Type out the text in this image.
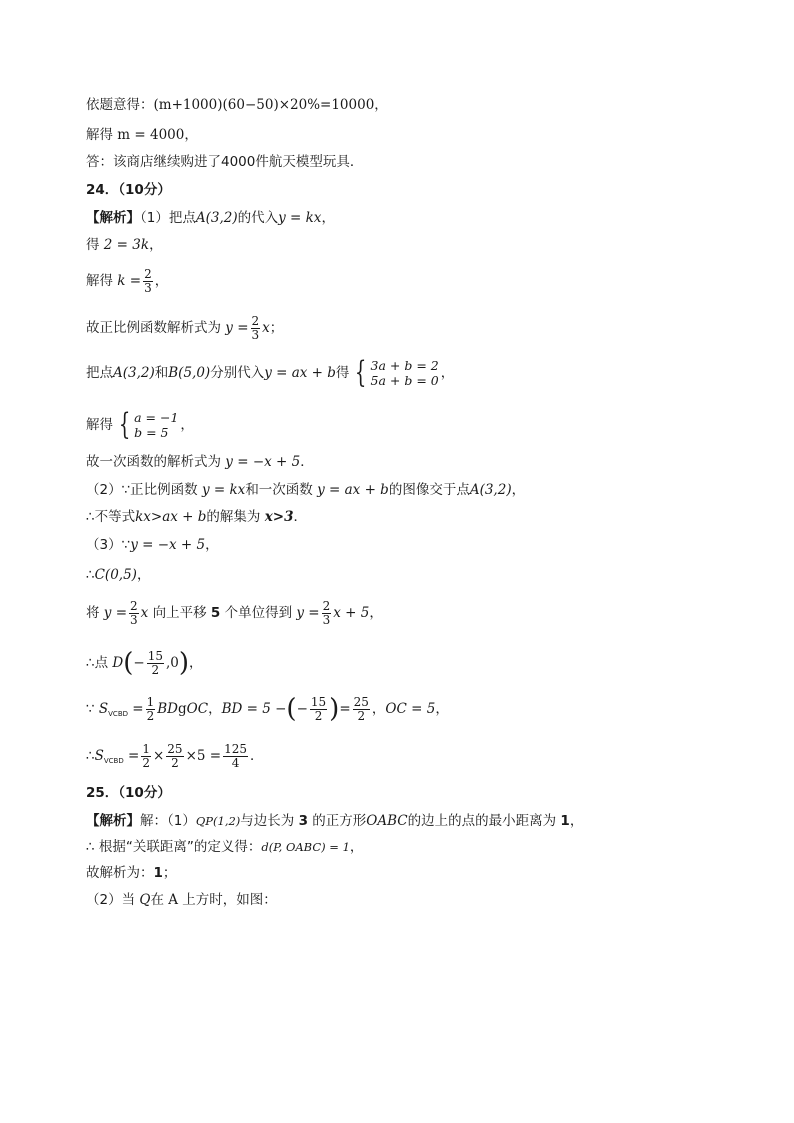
依题意得：(m+1000)(60−50)×20%=10000，
解得 m = 4000，
答：该商店继续购进了4000件航天模型玩具．
24．（10分）
【解析】（1）把点A(3,2)的代入y = kx，
得 2 = 3k，
解得 $k = \frac{2}{3}$ ，
故正比例函数解析式为 $y = \frac{2}{3}$ x；
把点A(3,2)和B(5,0)分别代入y = ax + b得 { 3a + b = 2
5a + b = 0 ，
解得 { a = −1
b = 5 ，
故一次函数的解析式为 y = −x + 5．
（2）∵正比例函数 y = kx和一次函数 y = ax + b的图像交于点A(3,2)，
∴不等式kx>ax + b的解集为 x>3．
（3）∵y = −x + 5，
∴C(0,5)，
将 $y = \frac{2}{3}$ x 向上平移 5 个单位得到 $y = \frac{2}{3}$ x + 5，
∴点 $D(- \frac{15}{2} ,0)$，
∵ $S_{VCBD} = \frac{1}{2}$ BDgOC，BD = 5 −(− $\frac{15}{2}$ )= $\frac{25}{2}$ ，OC = 5，
$\therefore S_{VCBD} = \frac{1}{2} \times \frac{25}{2} \times 5 = \frac{125}{4}$ ．
25．（10分）
【解析】解：（1）QP(1,2)与边长为 3 的正方形OABC的边上的点的最小距离为 1，
∴ 根据“关联距离”的定义得：d(P, OABC) = 1，
故解析为：1；
（2）当 Q在 A 上方时，如图：
